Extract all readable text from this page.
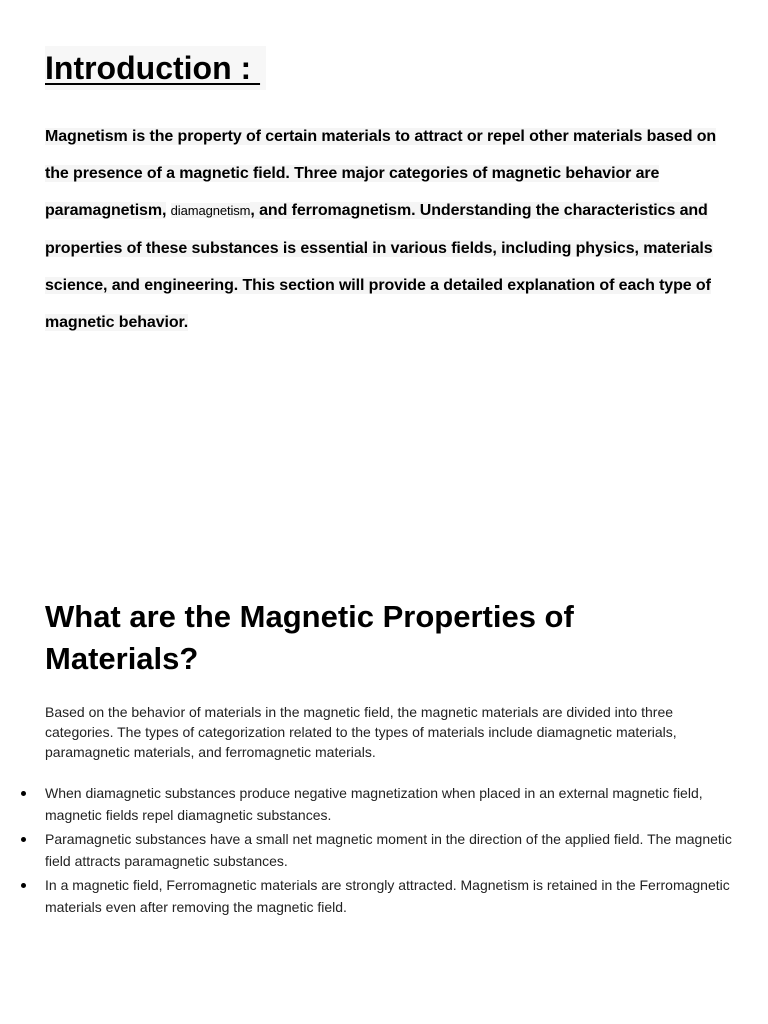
Introduction :

Magnetism is the property of certain materials to attract or repel other materials based on the presence of a magnetic field. Three major categories of magnetic behavior are paramagnetism, diamagnetism, and ferromagnetism. Understanding the characteristics and properties of these substances is essential in various fields, including physics, materials science, and engineering. This section will provide a detailed explanation of each type of magnetic behavior.

What are the Magnetic Properties of Materials?

Based on the behavior of materials in the magnetic field, the magnetic materials are divided into three categories. The types of categorization related to the types of materials include diamagnetic materials, paramagnetic materials, and ferromagnetic materials.

When diamagnetic substances produce negative magnetization when placed in an external magnetic field, magnetic fields repel diamagnetic substances.
Paramagnetic substances have a small net magnetic moment in the direction of the applied field. The magnetic field attracts paramagnetic substances.
In a magnetic field, Ferromagnetic materials are strongly attracted. Magnetism is retained in the Ferromagnetic materials even after removing the magnetic field.
